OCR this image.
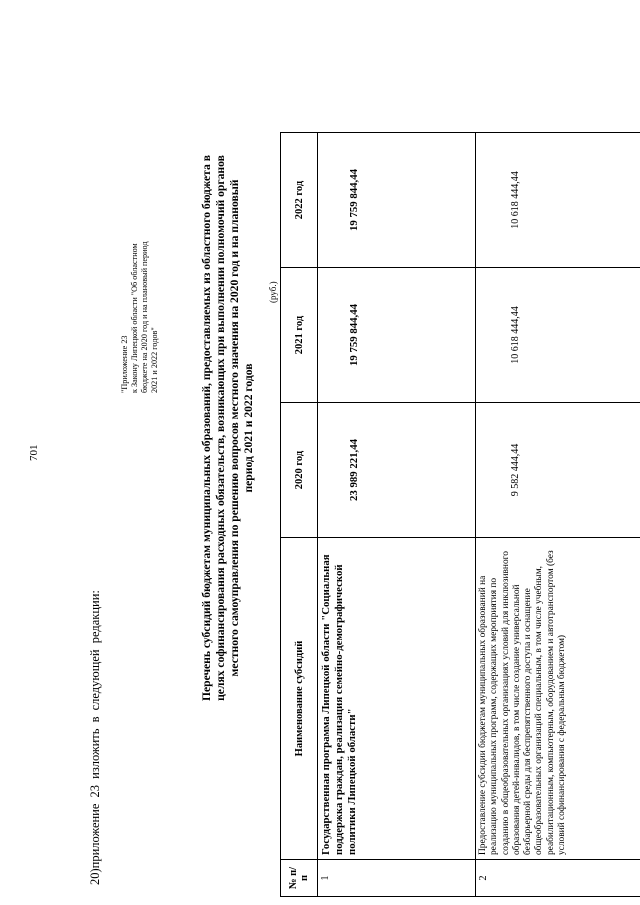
701
20)приложение 23 изложить в следующей редакции:
"Приложение 23 к Закону Липецкой области "Об областном бюджете на 2020 год и на плановый период 2021 и 2022 годов"	Перечень субсидий бюджетам муниципальных образований, предоставляемых из областного бюджета в целях софинансирования расходных обязательств, возникающих при выполнении полномочий органов местного самоуправления по решению вопросов местного значения на 2020 год и на плановый период 2021 и 2022 годов
(руб.)
№ п/п	Наименование субсидий	2020 год	2021 год	2022 год
1	Государственная программа Липецкой области "Социальная поддержка граждан, реализация семейно-демографической политики Липецкой области"	23 989 221,44	19 759 844,44	19 759 844,44
2	Предоставление субсидии бюджетам муниципальных образований на реализацию муниципальных программ, содержащих мероприятия по созданию в общеобразовательных организациях условий для инклюзивного образования детей-инвалидов, в том числе создание универсальной безбарьерной среды для беспрепятственного доступа и оснащение общеобразовательных организаций специальным, в том числе учебным, реабилитационным, компьютерным, оборудованием и автотранспортом (без условий софинансирования с федеральным бюджетом)	9 582 444,44	10 618 444,44	10 618 444,44
